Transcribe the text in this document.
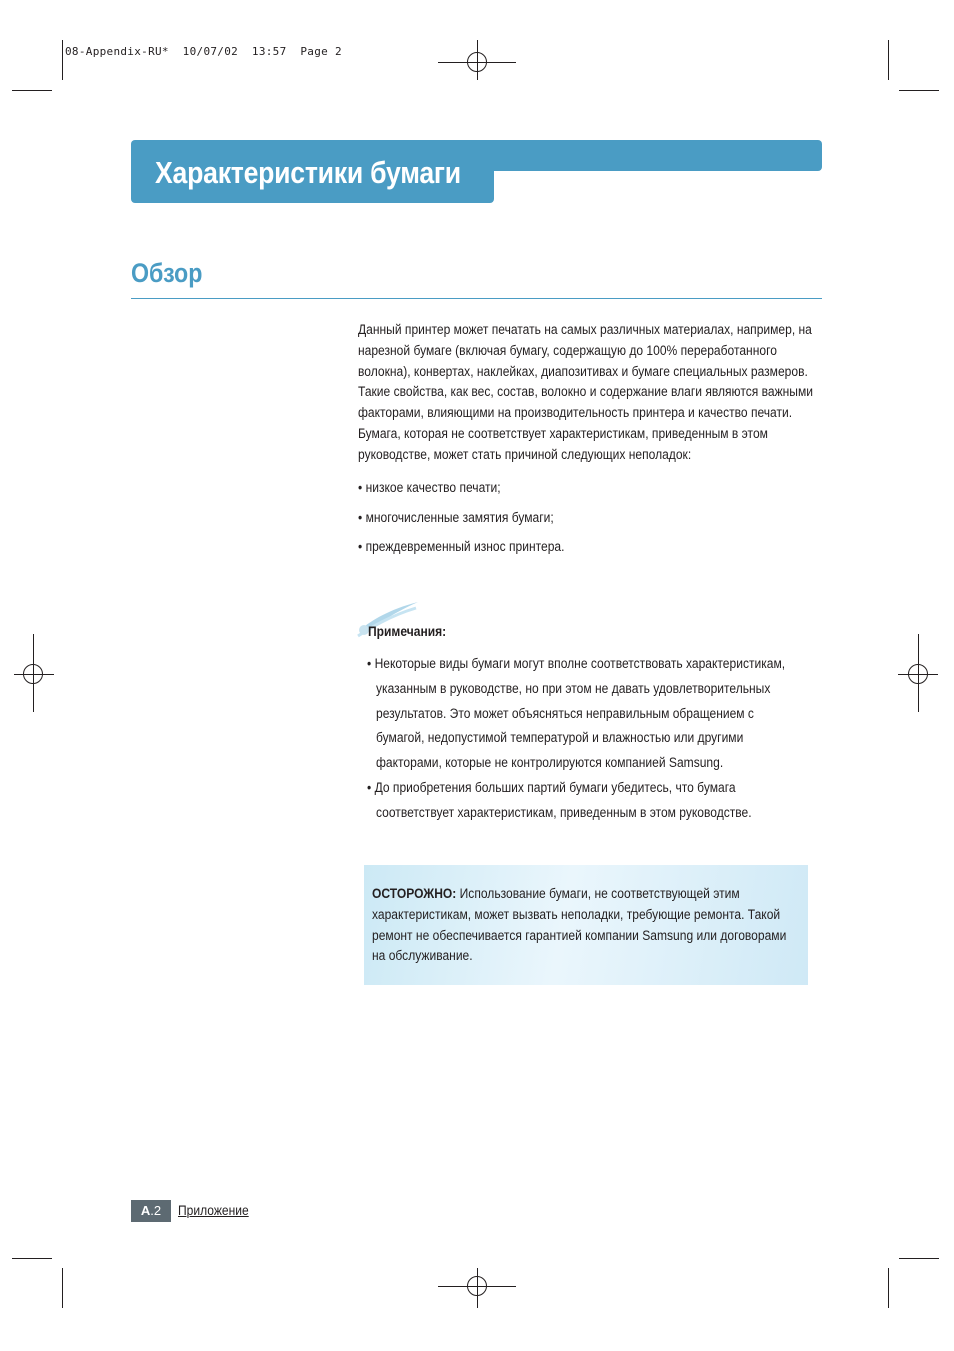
08-Appendix-RU*  10/07/02  13:57  Page 2
Характеристики бумаги
Обзор
Данный принтер может печатать на самых различных материалах, например, на
нарезной бумаге (включая бумагу, содержащую до 100% переработанного
волокна), конвертах, наклейках, диапозитивах и бумаге специальных размеров.
Такие свойства, как вес, состав, волокно и содержание влаги являются важными
факторами, влияющими на производительность принтера и качество печати.
Бумага, которая не соответствует характеристикам, приведенным в этом
руководстве, может стать причиной следующих неполадок:
• низкое качество печати;
• многочисленные замятия бумаги;
• преждевременный износ принтера.
Примечания:
• Некоторые виды бумаги могут вполне соответствовать характеристикам,
указанным в руководстве, но при этом не давать удовлетворительных
результатов. Это может объясняться неправильным обращением с
бумагой, недопустимой температурой и влажностью или другими
факторами, которые не контролируются компанией Samsung.
• До приобретения больших партий бумаги убедитесь, что бумага
соответствует характеристикам, приведенным в этом руководстве.
ОСТОРОЖНО: Использование бумаги, не соответствующей этим
характеристикам, может вызвать неполадки, требующие ремонта. Такой
ремонт не обеспечивается гарантией компании Samsung или договорами
на обслуживание.
A.2	Приложение
